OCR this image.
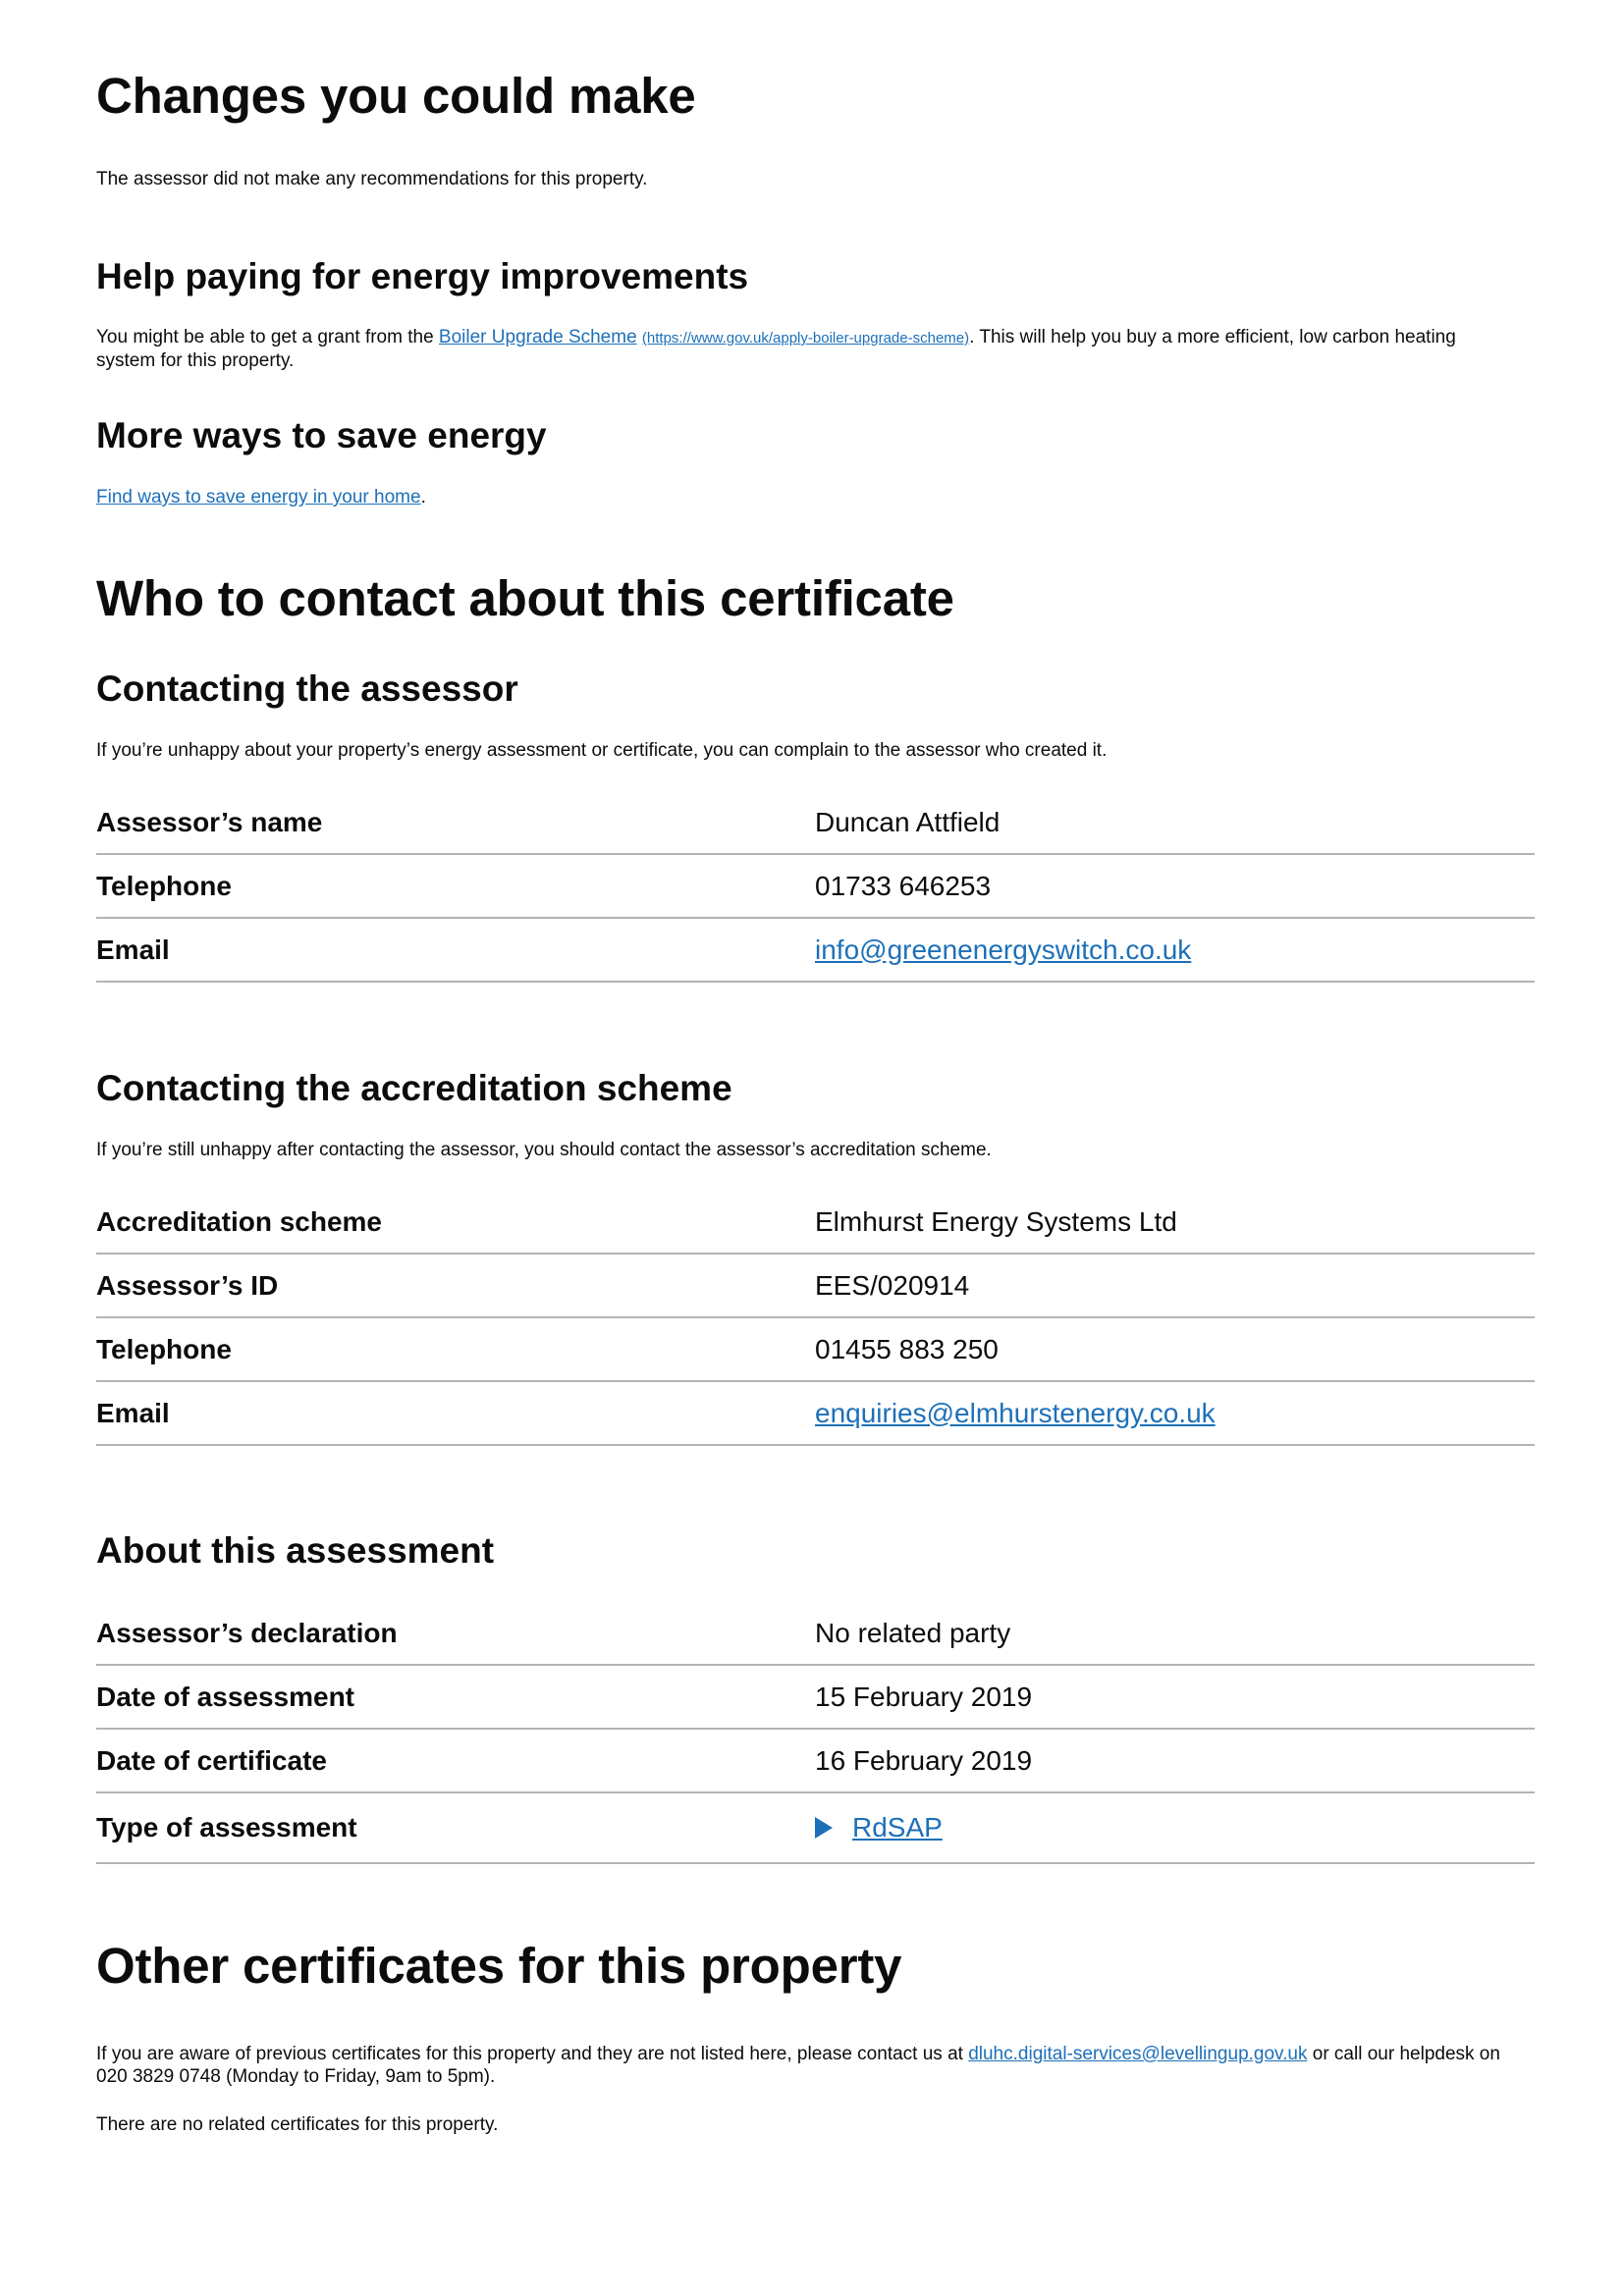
Changes you could make

The assessor did not make any recommendations for this property.

Help paying for energy improvements

You might be able to get a grant from the Boiler Upgrade Scheme (https://www.gov.uk/apply-boiler-upgrade-scheme). This will help you buy a more efficient, low carbon heating system for this property.

More ways to save energy

Find ways to save energy in your home.

Who to contact about this certificate
Contacting the assessor

If you’re unhappy about your property’s energy assessment or certificate, you can complain to the assessor who created it.

Assessor’s name	Duncan Attfield
Telephone	01733 646253
Email	info@greenenergyswitch.co.uk
Contacting the accreditation scheme

If you’re still unhappy after contacting the assessor, you should contact the assessor’s accreditation scheme.

Accreditation scheme	Elmhurst Energy Systems Ltd
Assessor’s ID	EES/020914
Telephone	01455 883 250
Email	enquiries@elmhurstenergy.co.uk
About this assessment
Assessor’s declaration	No related party
Date of assessment	15 February 2019
Date of certificate	16 February 2019
Type of assessment	RdSAP
Other certificates for this property

If you are aware of previous certificates for this property and they are not listed here, please contact us at dluhc.digital-services@levellingup.gov.uk or call our helpdesk on 020 3829 0748 (Monday to Friday, 9am to 5pm).

There are no related certificates for this property.
